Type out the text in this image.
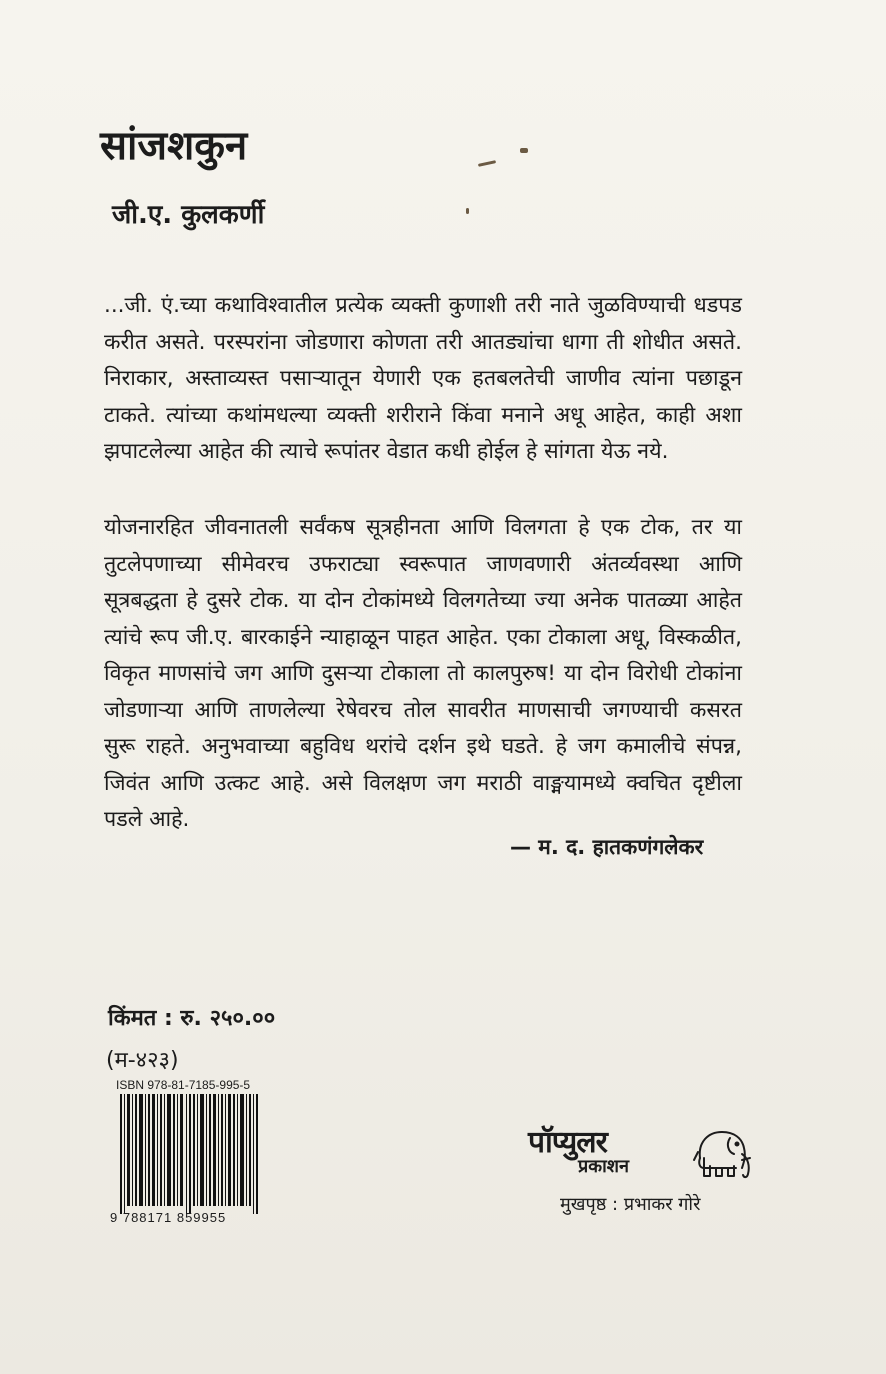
सांजशकुन
जी.ए. कुलकर्णी

...जी. एं.च्या कथाविश्वातील प्रत्येक व्यक्ती कुणाशी तरी नाते जुळविण्याची धडपड करीत असते. परस्परांना जोडणारा कोणता तरी आतड्यांचा धागा ती शोधीत असते. निराकार, अस्ताव्यस्त पसाऱ्यातून येणारी एक हतबलतेची जाणीव त्यांना पछाडून टाकते. त्यांच्या कथांमधल्या व्यक्ती शरीराने किंवा मनाने अधू आहेत, काही अशा झपाटलेल्या आहेत की त्याचे रूपांतर वेडात कधी होईल हे सांगता येऊ नये.

योजनारहित जीवनातली सर्वंकष सूत्रहीनता आणि विलगता हे एक टोक, तर या तुटलेपणाच्या सीमेवरच उफराट्या स्वरूपात जाणवणारी अंतर्व्यवस्था आणि सूत्रबद्धता हे दुसरे टोक. या दोन टोकांमध्ये विलगतेच्या ज्या अनेक पातळ्या आहेत त्यांचे रूप जी.ए. बारकाईने न्याहाळून पाहत आहेत. एका टोकाला अधू, विस्कळीत, विकृत माणसांचे जग आणि दुसऱ्या टोकाला तो कालपुरुष! या दोन विरोधी टोकांना जोडणाऱ्या आणि ताणलेल्या रेषेवरच तोल सावरीत माणसाची जगण्याची कसरत सुरू राहते. अनुभवाच्या बहुविध थरांचे दर्शन इथे घडते. हे जग कमालीचे संपन्न, जिवंत आणि उत्कट आहे. असे विलक्षण जग मराठी वाङ्मयामध्ये क्वचित दृष्टीला पडले आहे.

— म. द. हातकणंगलेकर

किंमत : रु. २५०.००

(म-४२३)

ISBN 978-81-7185-995-5

9 788171 859955

पॉप्युलर

प्रकाशन

मुखपृष्ठ : प्रभाकर गोरे
